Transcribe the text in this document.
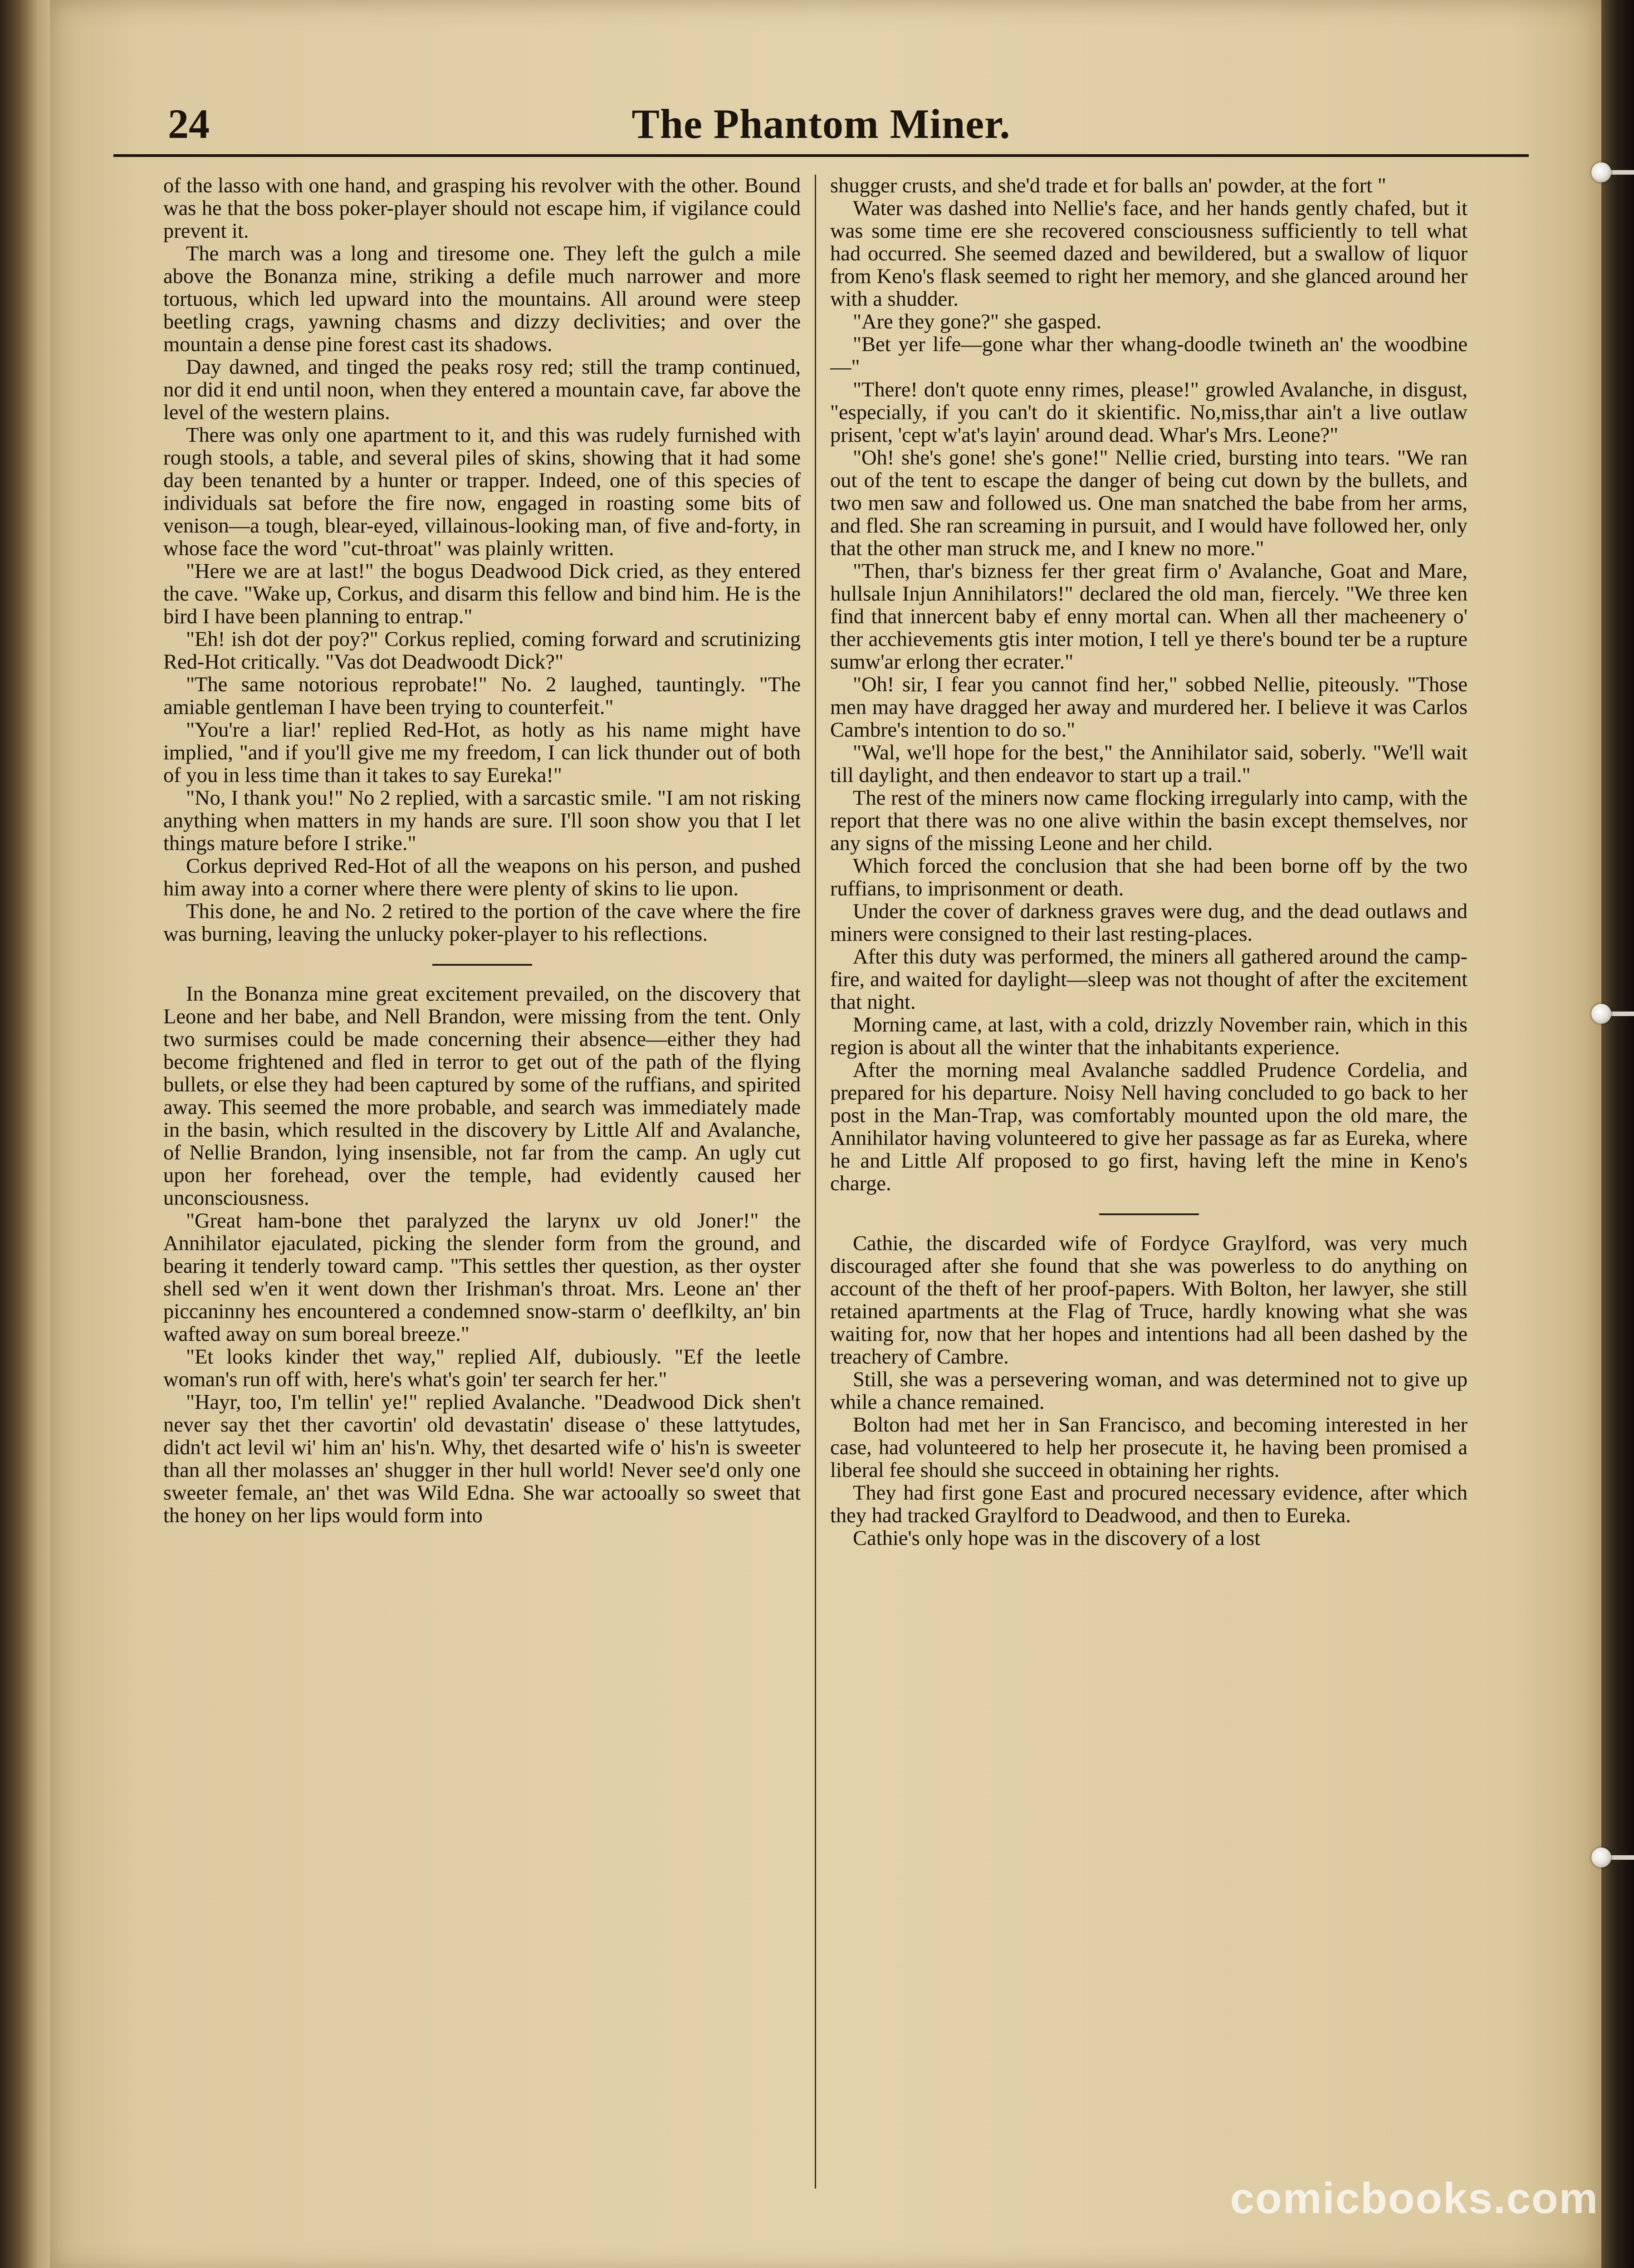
24	The Phantom Miner.

of the lasso with one hand, and grasping his revolver with the other. Bound was he that the boss poker-player should not escape him, if vigilance could prevent it.

The march was a long and tiresome one. They left the gulch a mile above the Bonanza mine, striking a defile much narrower and more tortuous, which led upward into the mountains. All around were steep beetling crags, yawning chasms and dizzy declivities; and over the mountain a dense pine forest cast its shadows.

Day dawned, and tinged the peaks rosy red; still the tramp continued, nor did it end until noon, when they entered a mountain cave, far above the level of the western plains.

There was only one apartment to it, and this was rudely furnished with rough stools, a table, and several piles of skins, showing that it had some day been tenanted by a hunter or trapper. Indeed, one of this species of individuals sat before the fire now, engaged in roasting some bits of venison—a tough, blear-eyed, villainous-looking man, of five and-forty, in whose face the word "cut-throat" was plainly written.

"Here we are at last!" the bogus Deadwood Dick cried, as they entered the cave. "Wake up, Corkus, and disarm this fellow and bind him. He is the bird I have been planning to entrap."

"Eh! ish dot der poy?" Corkus replied, coming forward and scrutinizing Red-Hot critically. "Vas dot Deadwoodt Dick?"

"The same notorious reprobate!" No. 2 laughed, tauntingly. "The amiable gentleman I have been trying to counterfeit."

"You're a liar!' replied Red-Hot, as hotly as his name might have implied, "and if you'll give me my freedom, I can lick thunder out of both of you in less time than it takes to say Eureka!"

"No, I thank you!" No 2 replied, with a sarcastic smile. "I am not risking anything when matters in my hands are sure. I'll soon show you that I let things mature before I strike."

Corkus deprived Red-Hot of all the weapons on his person, and pushed him away into a corner where there were plenty of skins to lie upon.

This done, he and No. 2 retired to the portion of the cave where the fire was burning, leaving the unlucky poker-player to his reflections.

In the Bonanza mine great excitement prevailed, on the discovery that Leone and her babe, and Nell Brandon, were missing from the tent. Only two surmises could be made concerning their absence—either they had become frightened and fled in terror to get out of the path of the flying bullets, or else they had been captured by some of the ruffians, and spirited away. This seemed the more probable, and search was immediately made in the basin, which resulted in the discovery by Little Alf and Avalanche, of Nellie Brandon, lying insensible, not far from the camp. An ugly cut upon her forehead, over the temple, had evidently caused her unconsciousness.

"Great ham-bone thet paralyzed the larynx uv old Joner!" the Annihilator ejaculated, picking the slender form from the ground, and bearing it tenderly toward camp. "This settles ther question, as ther oyster shell sed w'en it went down ther Irishman's throat. Mrs. Leone an' ther piccaninny hes encountered a condemned snow-starm o' deeflkilty, an' bin wafted away on sum boreal breeze."

"Et looks kinder thet way," replied Alf, dubiously. "Ef the leetle woman's run off with, here's what's goin' ter search fer her."

"Hayr, too, I'm tellin' ye!" replied Avalanche. "Deadwood Dick shen't never say thet ther cavortin' old devastatin' disease o' these lattytudes, didn't act levil wi' him an' his'n. Why, thet desarted wife o' his'n is sweeter than all ther molasses an' shugger in ther hull world! Never see'd only one sweeter female, an' thet was Wild Edna. She war actooally so sweet that the honey on her lips would form into

shugger crusts, and she'd trade et for balls an' powder, at the fort "

Water was dashed into Nellie's face, and her hands gently chafed, but it was some time ere she recovered consciousness sufficiently to tell what had occurred. She seemed dazed and bewildered, but a swallow of liquor from Keno's flask seemed to right her memory, and she glanced around her with a shudder.

"Are they gone?" she gasped.

"Bet yer life—gone whar ther whang-doodle twineth an' the woodbine—"

"There! don't quote enny rimes, please!" growled Avalanche, in disgust, "especially, if you can't do it skientific. No,miss,thar ain't a live outlaw prisent, 'cept w'at's layin' around dead. Whar's Mrs. Leone?"

"Oh! she's gone! she's gone!" Nellie cried, bursting into tears. "We ran out of the tent to escape the danger of being cut down by the bullets, and two men saw and followed us. One man snatched the babe from her arms, and fled. She ran screaming in pursuit, and I would have followed her, only that the other man struck me, and I knew no more."

"Then, thar's bizness fer ther great firm o' Avalanche, Goat and Mare, hullsale Injun Annihilators!" declared the old man, fiercely. "We three ken find that innercent baby ef enny mortal can. When all ther macheenery o' ther acchievements gtis inter motion, I tell ye there's bound ter be a rupture sumw'ar erlong ther ecrater."

"Oh! sir, I fear you cannot find her," sobbed Nellie, piteously. "Those men may have dragged her away and murdered her. I believe it was Carlos Cambre's intention to do so."

"Wal, we'll hope for the best," the Annihilator said, soberly. "We'll wait till daylight, and then endeavor to start up a trail."

The rest of the miners now came flocking irregularly into camp, with the report that there was no one alive within the basin except themselves, nor any signs of the missing Leone and her child.

Which forced the conclusion that she had been borne off by the two ruffians, to imprisonment or death.

Under the cover of darkness graves were dug, and the dead outlaws and miners were consigned to their last resting-places.

After this duty was performed, the miners all gathered around the camp-fire, and waited for daylight—sleep was not thought of after the excitement that night.

Morning came, at last, with a cold, drizzly November rain, which in this region is about all the winter that the inhabitants experience.

After the morning meal Avalanche saddled Prudence Cordelia, and prepared for his departure. Noisy Nell having concluded to go back to her post in the Man-Trap, was comfortably mounted upon the old mare, the Annihilator having volunteered to give her passage as far as Eureka, where he and Little Alf proposed to go first, having left the mine in Keno's charge.

Cathie, the discarded wife of Fordyce Graylford, was very much discouraged after she found that she was powerless to do anything on account of the theft of her proof-papers. With Bolton, her lawyer, she still retained apartments at the Flag of Truce, hardly knowing what she was waiting for, now that her hopes and intentions had all been dashed by the treachery of Cambre.

Still, she was a persevering woman, and was determined not to give up while a chance remained.

Bolton had met her in San Francisco, and becoming interested in her case, had volunteered to help her prosecute it, he having been promised a liberal fee should she succeed in obtaining her rights.

They had first gone East and procured necessary evidence, after which they had tracked Graylford to Deadwood, and then to Eureka.

Cathie's only hope was in the discovery of a lost

comicbooks.com
